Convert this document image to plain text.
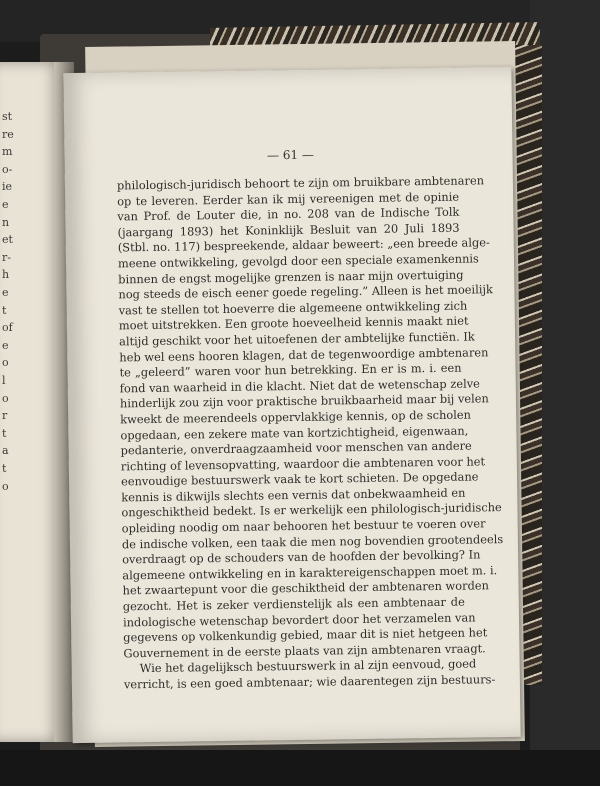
st
re
m
o-
ie
e
n
et
r-
h
e
t
of
e
o
l
o
r
t
a
t
o
— 61 —
philologisch-juridisch behoort te zijn om bruikbare ambtenaren
op te leveren. Eerder kan ik mij vereenigen met de opinie
van Prof. de Louter die, in no. 208 van de Indische Tolk
(jaargang 1893) het Koninklijk Besluit van 20 Juli 1893
(Stbl. no. 117) bespreekende, aldaar beweert: „een breede alge-
meene ontwikkeling, gevolgd door een speciale examenkennis
binnen de engst mogelijke grenzen is naar mijn overtuiging
nog steeds de eisch eener goede regeling.” Alleen is het moeilijk
vast te stellen tot hoeverre die algemeene ontwikkeling zich
moet uitstrekken. Een groote hoeveelheid kennis maakt niet
altijd geschikt voor het uitoefenen der ambtelijke functiën. Ik
heb wel eens hooren klagen, dat de tegenwoordige ambtenaren
te „geleerd” waren voor hun betrekking. En er is m. i. een
fond van waarheid in die klacht. Niet dat de wetenschap zelve
hinderlijk zou zijn voor praktische bruikbaarheid maar bij velen
kweekt de meerendeels oppervlakkige kennis, op de scholen
opgedaan, een zekere mate van kortzichtigheid, eigenwaan,
pedanterie, onverdraagzaamheid voor menschen van andere
richting of levensopvatting, waardoor die ambtenaren voor het
eenvoudige bestuurswerk vaak te kort schieten. De opgedane
kennis is dikwijls slechts een vernis dat onbekwaamheid en
ongeschiktheid bedekt. Is er werkelijk een philologisch-juridische
opleiding noodig om naar behooren het bestuur te voeren over
de indische volken, een taak die men nog bovendien grootendeels
overdraagt op de schouders van de hoofden der bevolking? In
algemeene ontwikkeling en in karaktereigenschappen moet m. i.
het zwaartepunt voor die geschiktheid der ambtenaren worden
gezocht. Het is zeker verdienstelijk als een ambtenaar de
indologische wetenschap bevordert door het verzamelen van
gegevens op volkenkundig gebied, maar dit is niet hetgeen het
Gouvernement in de eerste plaats van zijn ambtenaren vraagt.
Wie het dagelijksch bestuurswerk in al zijn eenvoud, goed
verricht, is een goed ambtenaar; wie daarentegen zijn bestuurs-
